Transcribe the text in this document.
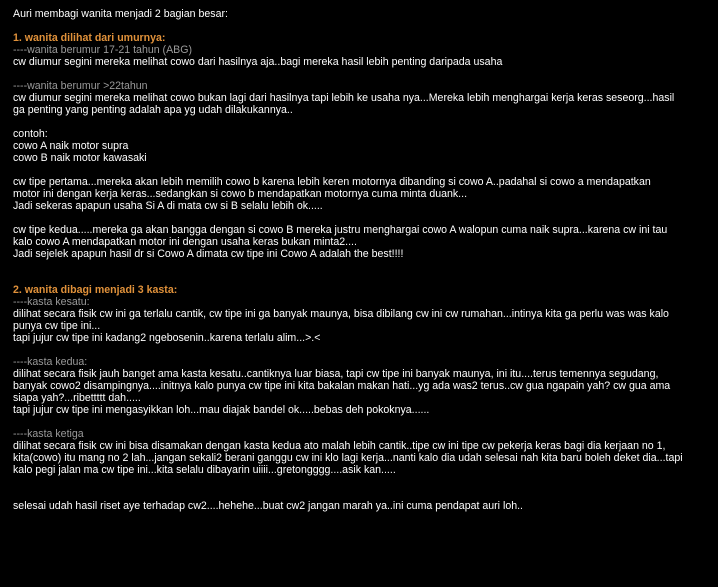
Auri membagi wanita menjadi 2 bagian besar:
1. wanita dilihat dari umurnya:
----wanita berumur 17-21 tahun (ABG)
cw diumur segini mereka melihat cowo dari hasilnya aja..bagi mereka hasil lebih penting daripada usaha
----wanita berumur >22tahun
cw diumur segini mereka melihat cowo bukan lagi dari hasilnya tapi lebih ke usaha nya...Mereka lebih menghargai kerja keras seseorg...hasil
ga penting yang penting adalah apa yg udah dilakukannya..
contoh:
cowo A naik motor supra
cowo B naik motor kawasaki
cw tipe pertama...mereka akan lebih memilih cowo b karena lebih keren motornya dibanding si cowo A..padahal si cowo a mendapatkan
motor ini dengan kerja keras...sedangkan si cowo b mendapatkan motornya cuma minta duank...
Jadi sekeras apapun usaha Si A di mata cw si B selalu lebih ok.....
cw tipe kedua.....mereka ga akan bangga dengan si cowo B mereka justru menghargai cowo A walopun cuma naik supra...karena cw ini tau
kalo cowo A mendapatkan motor ini dengan usaha keras bukan minta2....
Jadi sejelek apapun hasil dr si Cowo A dimata cw tipe ini Cowo A adalah the best!!!!
2. wanita dibagi menjadi 3 kasta:
----kasta kesatu:
dilihat secara fisik cw ini ga terlalu cantik, cw tipe ini ga banyak maunya, bisa dibilang cw ini cw rumahan...intinya kita ga perlu was was kalo
punya cw tipe ini...
tapi jujur cw tipe ini kadang2 ngebosenin..karena terlalu alim...>.<
----kasta kedua:
dilihat secara fisik jauh banget ama kasta kesatu..cantiknya luar biasa, tapi cw tipe ini banyak maunya, ini itu....terus temennya segudang,
banyak cowo2 disampingnya....initnya kalo punya cw tipe ini kita bakalan makan hati...yg ada was2 terus..cw gua ngapain yah? cw gua ama
siapa yah?...ribettttt dah.....
tapi jujur cw tipe ini mengasyikkan loh...mau diajak bandel ok.....bebas deh pokoknya......
----kasta ketiga
dilihat secara fisik cw ini bisa disamakan dengan kasta kedua ato malah lebih cantik..tipe cw ini tipe cw pekerja keras bagi dia kerjaan no 1,
kita(cowo) itu mang no 2 lah...jangan sekali2 berani ganggu cw ini klo lagi kerja...nanti kalo dia udah selesai nah kita baru boleh deket dia...tapi
kalo pegi jalan ma cw tipe ini...kita selalu dibayarin uiiii...gretongggg....asik kan.....
selesai udah hasil riset aye terhadap cw2....hehehe...buat cw2 jangan marah ya..ini cuma pendapat auri loh..
